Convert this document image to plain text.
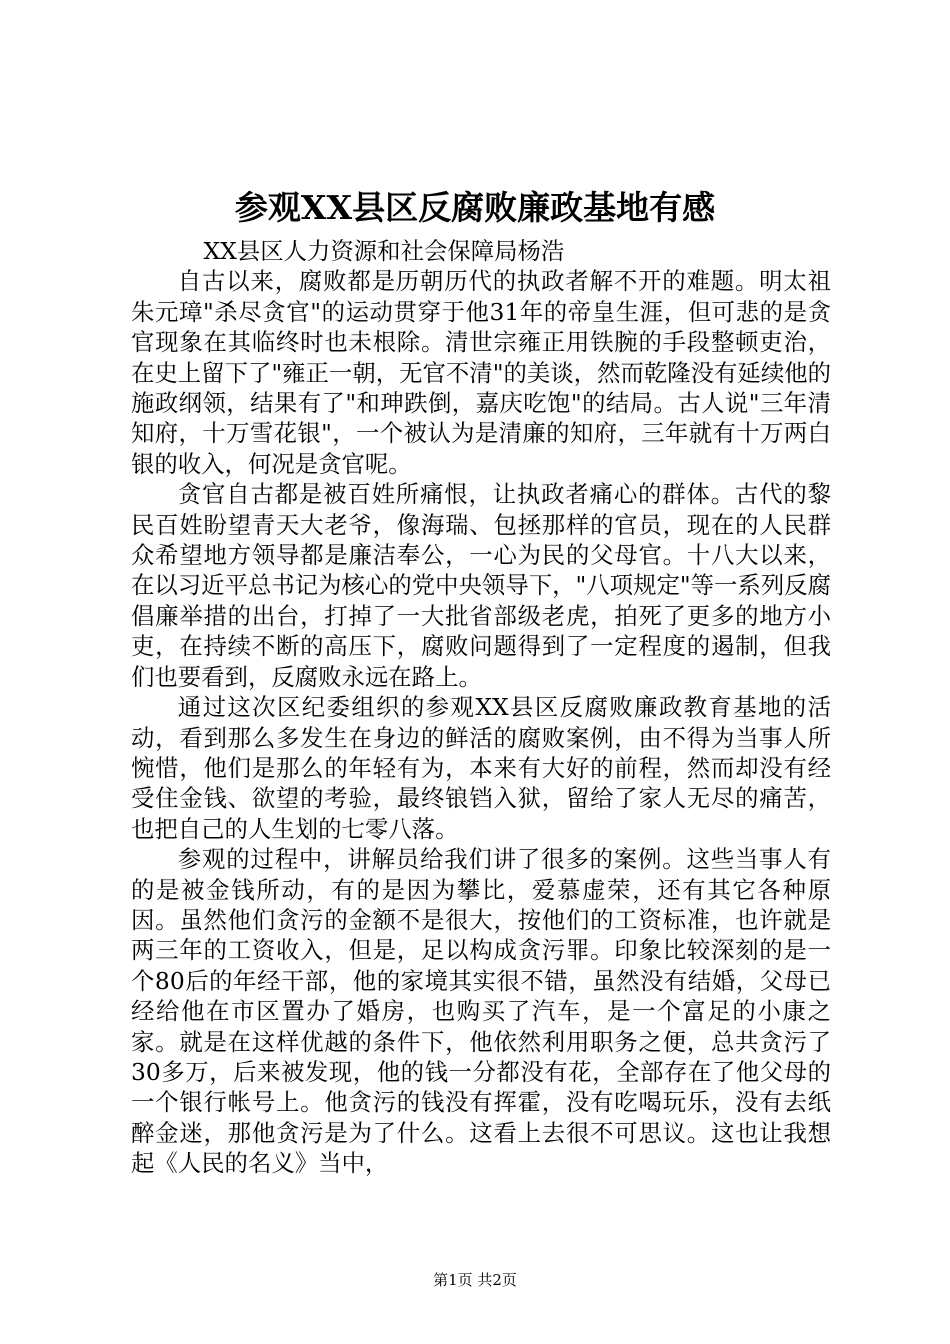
参观XX县区反腐败廉政基地有感

XX县区人力资源和社会保障局杨浩

自古以来，腐败都是历朝历代的执政者解不开的难题。明太祖朱元璋"杀尽贪官"的运动贯穿于他31年的帝皇生涯，但可悲的是贪官现象在其临终时也未根除。清世宗雍正用铁腕的手段整顿吏治，在史上留下了"雍正一朝，无官不清"的美谈，然而乾隆没有延续他的施政纲领，结果有了"和珅跌倒，嘉庆吃饱"的结局。古人说"三年清知府，十万雪花银"，一个被认为是清廉的知府，三年就有十万两白银的收入，何况是贪官呢。

贪官自古都是被百姓所痛恨，让执政者痛心的群体。古代的黎民百姓盼望青天大老爷，像海瑞、包拯那样的官员，现在的人民群众希望地方领导都是廉洁奉公，一心为民的父母官。十八大以来，在以习近平总书记为核心的党中央领导下，"八项规定"等一系列反腐倡廉举措的出台，打掉了一大批省部级老虎，拍死了更多的地方小吏，在持续不断的高压下，腐败问题得到了一定程度的遏制，但我们也要看到，反腐败永远在路上。

通过这次区纪委组织的参观XX县区反腐败廉政教育基地的活动，看到那么多发生在身边的鲜活的腐败案例，由不得为当事人所惋惜，他们是那么的年轻有为，本来有大好的前程，然而却没有经受住金钱、欲望的考验，最终锒铛入狱，留给了家人无尽的痛苦，也把自己的人生划的七零八落。

参观的过程中，讲解员给我们讲了很多的案例。这些当事人有的是被金钱所动，有的是因为攀比，爱慕虚荣，还有其它各种原因。虽然他们贪污的金额不是很大，按他们的工资标准，也许就是两三年的工资收入，但是，足以构成贪污罪。印象比较深刻的是一个80后的年经干部，他的家境其实很不错，虽然没有结婚，父母已经给他在市区置办了婚房，也购买了汽车，是一个富足的小康之家。就是在这样优越的条件下，他依然利用职务之便，总共贪污了30多万，后来被发现，他的钱一分都没有花，全部存在了他父母的一个银行帐号上。他贪污的钱没有挥霍，没有吃喝玩乐，没有去纸醉金迷，那他贪污是为了什么。这看上去很不可思议。这也让我想起《人民的名义》当中，

第1页 共2页
